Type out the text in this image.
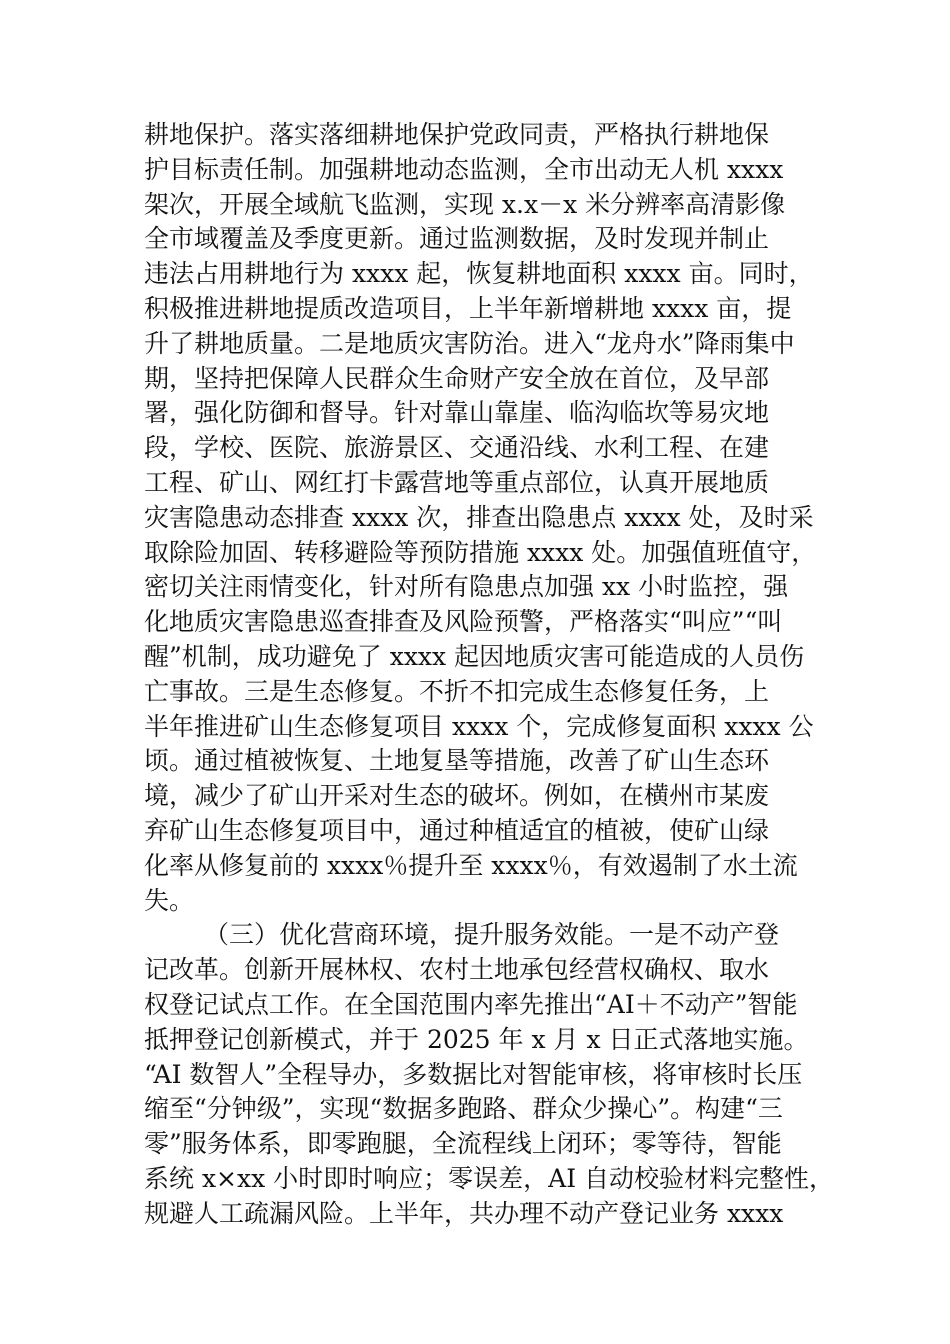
耕地保护。落实落细耕地保护党政同责，严格执行耕地保
护目标责任制。加强耕地动态监测，全市出动无人机 xxxx
架次，开展全域航飞监测，实现 x.x－x 米分辨率高清影像
全市域覆盖及季度更新。通过监测数据，及时发现并制止
违法占用耕地行为 xxxx 起，恢复耕地面积 xxxx 亩。同时，
积极推进耕地提质改造项目，上半年新增耕地 xxxx 亩，提
升了耕地质量。二是地质灾害防治。进入“龙舟水”降雨集中
期，坚持把保障人民群众生命财产安全放在首位，及早部
署，强化防御和督导。针对靠山靠崖、临沟临坎等易灾地
段，学校、医院、旅游景区、交通沿线、水利工程、在建
工程、矿山、网红打卡露营地等重点部位，认真开展地质
灾害隐患动态排查 xxxx 次，排查出隐患点 xxxx 处，及时采
取除险加固、转移避险等预防措施 xxxx 处。加强值班值守，
密切关注雨情变化，针对所有隐患点加强 xx 小时监控，强
化地质灾害隐患巡查排查及风险预警，严格落实“叫应”“叫
醒”机制，成功避免了 xxxx 起因地质灾害可能造成的人员伤
亡事故。三是生态修复。不折不扣完成生态修复任务，上
半年推进矿山生态修复项目 xxxx 个，完成修复面积 xxxx 公
顷。通过植被恢复、土地复垦等措施，改善了矿山生态环
境，减少了矿山开采对生态的破坏。例如，在横州市某废
弃矿山生态修复项目中，通过种植适宜的植被，使矿山绿
化率从修复前的 xxxx％提升至 xxxx％，有效遏制了水土流
失。
（三）优化营商环境，提升服务效能。一是不动产登
记改革。创新开展林权、农村土地承包经营权确权、取水
权登记试点工作。在全国范围内率先推出“AI＋不动产”智能
抵押登记创新模式，并于 2025 年 x 月 x 日正式落地实施。
“AI 数智人”全程导办，多数据比对智能审核，将审核时长压
缩至“分钟级”，实现“数据多跑路、群众少操心”。构建“三
零”服务体系，即零跑腿，全流程线上闭环；零等待，智能
系统 x×xx 小时即时响应；零误差，AI 自动校验材料完整性，
规避人工疏漏风险。上半年，共办理不动产登记业务 xxxx
